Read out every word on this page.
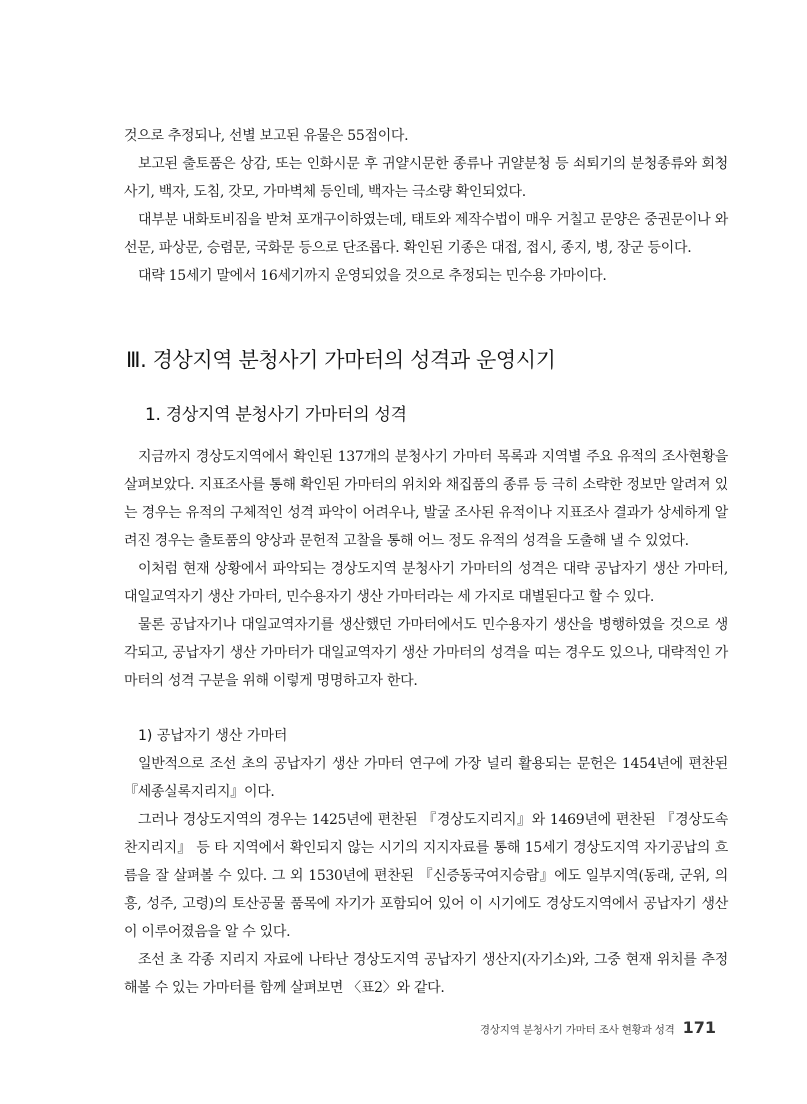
것으로 추정되나, 선별 보고된 유물은 55점이다.

보고된 출토품은 상감, 또는 인화시문 후 귀얄시문한 종류나 귀얄분청 등 쇠퇴기의 분청종류와 회청사기, 백자, 도침, 갓모, 가마벽체 등인데, 백자는 극소량 확인되었다.

대부분 내화토비짐을 받쳐 포개구이하였는데, 태토와 제작수법이 매우 거칠고 문양은 중권문이나 와선문, 파상문, 승렴문, 국화문 등으로 단조롭다. 확인된 기종은 대접, 접시, 종지, 병, 장군 등이다.

대략 15세기 말에서 16세기까지 운영되었을 것으로 추정되는 민수용 가마이다.

Ⅲ. 경상지역 분청사기 가마터의 성격과 운영시기
1. 경상지역 분청사기 가마터의 성격

지금까지 경상도지역에서 확인된 137개의 분청사기 가마터 목록과 지역별 주요 유적의 조사현황을 살펴보았다. 지표조사를 통해 확인된 가마터의 위치와 채집품의 종류 등 극히 소략한 정보만 알려져 있는 경우는 유적의 구체적인 성격 파악이 어려우나, 발굴 조사된 유적이나 지표조사 결과가 상세하게 알려진 경우는 출토품의 양상과 문헌적 고찰을 통해 어느 정도 유적의 성격을 도출해 낼 수 있었다.

이처럼 현재 상황에서 파악되는 경상도지역 분청사기 가마터의 성격은 대략 공납자기 생산 가마터, 대일교역자기 생산 가마터, 민수용자기 생산 가마터라는 세 가지로 대별된다고 할 수 있다.

물론 공납자기나 대일교역자기를 생산했던 가마터에서도 민수용자기 생산을 병행하였을 것으로 생각되고, 공납자기 생산 가마터가 대일교역자기 생산 가마터의 성격을 띠는 경우도 있으나, 대략적인 가마터의 성격 구분을 위해 이렇게 명명하고자 한다.

1) 공납자기 생산 가마터

일반적으로 조선 초의 공납자기 생산 가마터 연구에 가장 널리 활용되는 문헌은 1454년에 편찬된 『세종실록지리지』이다.

그러나 경상도지역의 경우는 1425년에 편찬된 『경상도지리지』와 1469년에 편찬된 『경상도속찬지리지』 등 타 지역에서 확인되지 않는 시기의 지지자료를 통해 15세기 경상도지역 자기공납의 흐름을 잘 살펴볼 수 있다. 그 외 1530년에 편찬된 『신증동국여지승람』에도 일부지역(동래, 군위, 의흥, 성주, 고령)의 토산공물 품목에 자기가 포함되어 있어 이 시기에도 경상도지역에서 공납자기 생산이 이루어졌음을 알 수 있다.

조선 초 각종 지리지 자료에 나타난 경상도지역 공납자기 생산지(자기소)와, 그중 현재 위치를 추정해볼 수 있는 가마터를 함께 살펴보면 〈표2〉와 같다.

경상지역 분청사기 가마터 조사 현황과 성격 171
